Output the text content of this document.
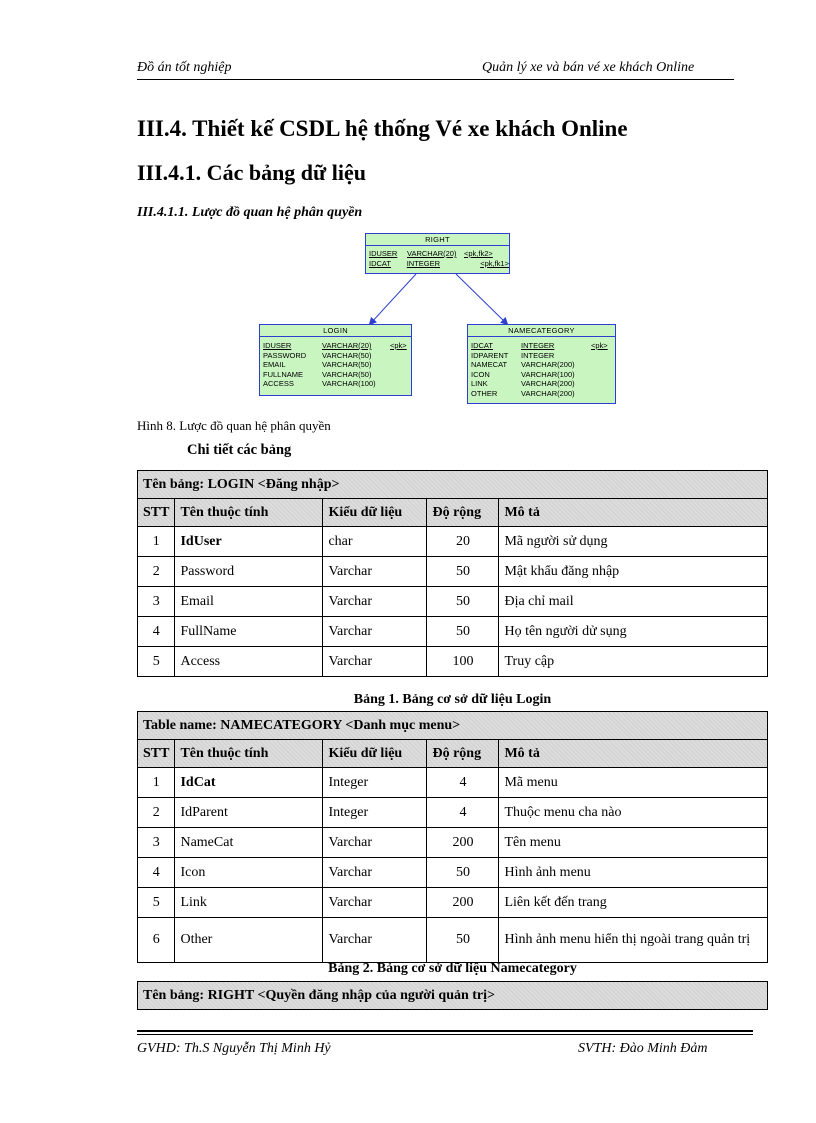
Đồ án tốt nghiệp	Quản lý xe và bán vé xe khách Online
III.4. Thiết kế CSDL hệ thống Vé xe khách Online
III.4.1. Các bảng dữ liệu
III.4.1.1. Lược đồ quan hệ phân quyền
RIGHT
IDUSER	VARCHAR(20)	<pk,fk2>
IDCAT	INTEGER	<pk,fk1>
LOGIN
IDUSER	VARCHAR(20)	<pk>
PASSWORD	VARCHAR(50)
EMAIL	VARCHAR(50)
FULLNAME	VARCHAR(50)
ACCESS	VARCHAR(100)
NAMECATEGORY
IDCAT	INTEGER	<pk>
IDPARENT	INTEGER
NAMECAT	VARCHAR(200)
ICON	VARCHAR(100)
LINK	VARCHAR(200)
OTHER	VARCHAR(200)
Hình 8. Lược đồ quan hệ phân quyền
Chi tiết các bảng
Tên bảng: LOGIN <Đăng nhập>				
STT	Tên thuộc tính	Kiểu dữ liệu	Độ rộng	Mô tả
1	IdUser	char	20	Mã người sử dụng
2	Password	Varchar	50	Mật khẩu đăng nhập
3	Email	Varchar	50	Địa chỉ mail
4	FullName	Varchar	50	Họ tên người dử sụng
5	Access	Varchar	100	Truy cập
Bảng 1. Bảng cơ sở dữ liệu Login
Table name: NAMECATEGORY <Danh mục menu>				
STT	Tên thuộc tính	Kiểu dữ liệu	Độ rộng	Mô tả
1	IdCat	Integer	4	Mã menu
2	IdParent	Integer	4	Thuộc menu cha nào
3	NameCat	Varchar	200	Tên menu
4	Icon	Varchar	50	Hình ảnh menu
5	Link	Varchar	200	Liên kết đến trang
6	Other	Varchar	50	Hình ảnh menu hiển thị ngoài trang quản trị
Bảng 2. Bảng cơ sở dữ liệu Namecategory
Tên bảng: RIGHT <Quyền đăng nhập của người quản trị>
GVHD: Th.S Nguyễn Thị Minh Hỷ	SVTH: Đào Minh Đảm
